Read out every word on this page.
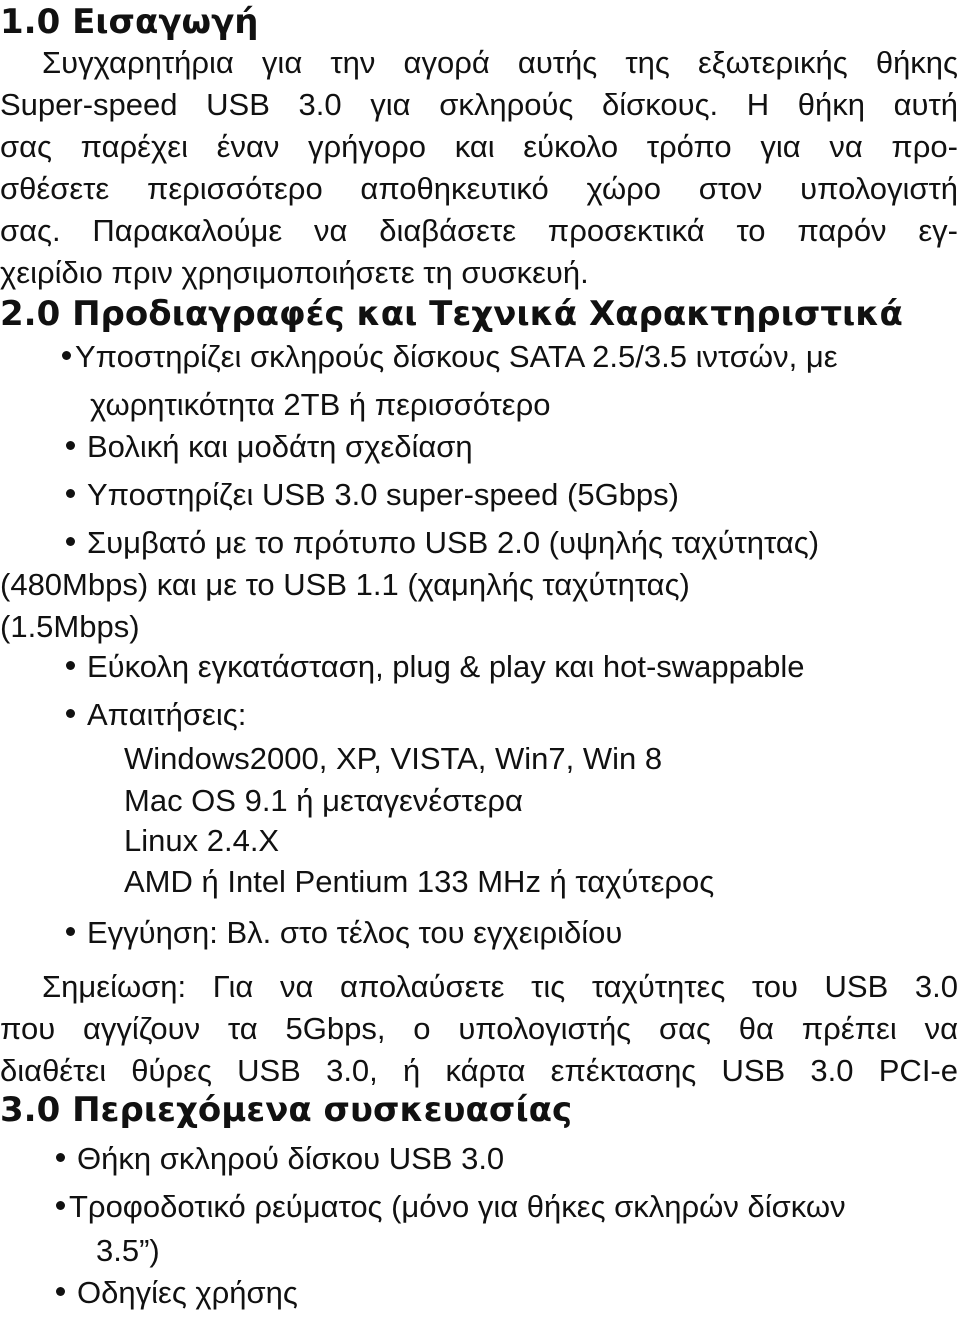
1.0 Εισαγωγή
Συγχαρητήρια για την αγορά αυτής της εξωτερικής θήκης
Super-speed USB 3.0 για σκληρούς δίσκους. Η θήκη αυτή
σας παρέχει έναν γρήγορο και εύκολο τρόπο για να προ-
σθέσετε περισσότερο αποθηκευτικό χώρο στον υπολογιστή
σας. Παρακαλούμε να διαβάσετε προσεκτικά το παρόν εγ-
χειρίδιο πριν χρησιμοποιήσετε τη συσκευή.
2.0 Προδιαγραφές και Τεχνικά Χαρακτηριστικά
Υποστηρίζει σκληρούς δίσκους SATA 2.5/3.5 ιντσών, με
χωρητικότητα 2TB ή περισσότερο
Βολική και μοδάτη σχεδίαση
Υποστηρίζει USB 3.0 super-speed (5Gbps)
Συμβατό με το πρότυπο USB 2.0 (υψηλής ταχύτητας)
(480Mbps) και με το USB 1.1 (χαμηλής ταχύτητας)
(1.5Mbps)
Εύκολη εγκατάσταση, plug & play και hot-swappable
Απαιτήσεις:
Windows2000, XP, VISTA, Win7, Win 8
Mac OS 9.1 ή μεταγενέστερα
Linux 2.4.X
AMD ή Intel Pentium 133 MHz ή ταχύτερος
Εγγύηση: Βλ. στο τέλος του εγχειριδίου
Σημείωση: Για να απολαύσετε τις ταχύτητες του USB 3.0
που αγγίζουν τα 5Gbps, ο υπολογιστής σας θα πρέπει να
διαθέτει θύρες USB 3.0, ή κάρτα επέκτασης USB 3.0 PCI-e
3.0 Περιεχόμενα συσκευασίας
Θήκη σκληρού δίσκου USB 3.0
Τροφοδοτικό ρεύματος (μόνο για θήκες σκληρών δίσκων
3.5”)
Οδηγίες χρήσης
